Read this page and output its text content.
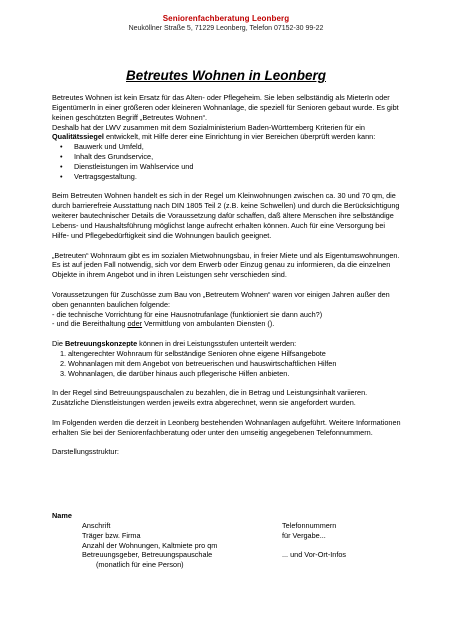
Seniorenfachberatung Leonberg
Neuköllner Straße 5, 71229 Leonberg, Telefon 07152-30 99-22
Betreutes Wohnen in Leonberg

Betreutes Wohnen ist kein Ersatz für das Alten- oder Pflegeheim. Sie leben selbständig als MieterIn oder EigentümerIn in einer größeren oder kleineren Wohnanlage, die speziell für Senioren gebaut wurde. Es gibt keinen geschützten Begriff „Betreutes Wohnen“.
Deshalb hat der LWV zusammen mit dem Sozialministerium Baden-Württemberg Kriterien für ein Qualitätssiegel entwickelt, mit Hilfe derer eine Einrichtung in vier Bereichen überprüft werden kann:

• Bauwerk und Umfeld,
• Inhalt des Grundservice,
• Dienstleistungen im Wahlservice und
• Vertragsgestaltung.

Beim Betreuten Wohnen handelt es sich in der Regel um Kleinwohnungen zwischen ca. 30 und 70 qm, die durch barrierefreie Ausstattung nach DIN 1805 Teil 2 (z.B. keine Schwellen) und durch die Berücksichtigung weiterer bautechnischer Details die Voraussetzung dafür schaffen, daß ältere Menschen ihre selbständige Lebens- und Haushaltsführung möglichst lange aufrecht erhalten können. Auch für eine Versorgung bei Hilfe- und Pflegebedürftigkeit sind die Wohnungen baulich geeignet.

„Betreuten“ Wohnraum gibt es im sozialen Mietwohnungsbau, in freier Miete und als Eigentumswohnungen.
Es ist auf jeden Fall notwendig, sich vor dem Erwerb oder Einzug genau zu informieren, da die einzelnen Objekte in ihrem Angebot und in ihren Leistungen sehr verschieden sind.

Voraussetzungen für Zuschüsse zum Bau von „Betreutem Wohnen“ waren vor einigen Jahren außer den oben genannten baulichen folgende:
- die technische Vorrichtung für eine Hausnotrufanlage (funktioniert sie dann auch?)
- und die Bereithaltung oder Vermittlung von ambulanten Diensten ().

Die Betreuungskonzepte können in drei Leistungsstufen unterteilt werden:

1. altengerechter Wohnraum für selbständige Senioren ohne eigene Hilfsangebote
2. Wohnanlagen mit dem Angebot von betreuerischen und hauswirtschaftlichen Hilfen
3. Wohnanlagen, die darüber hinaus auch pflegerische Hilfen anbieten.

In der Regel sind Betreuungspauschalen zu bezahlen, die in Betrag und Leistungsinhalt variieren. Zusätzliche Dienstleistungen werden jeweils extra abgerechnet, wenn sie angefordert wurden.

Im Folgenden werden die derzeit in Leonberg bestehenden Wohnanlagen aufgeführt. Weitere Informationen erhalten Sie bei der Seniorenfachberatung oder unter den umseitig angegebenen Telefonnummern.

Darstellungsstruktur:

Name
Anschrift	Telefonnummern
Träger bzw. Firma	für Vergabe...
Anzahl der Wohnungen, Kaltmiete pro qm
Betreuungsgeber, Betreuungspauschale	... und Vor-Ort-Infos
(monatlich für eine Person)
